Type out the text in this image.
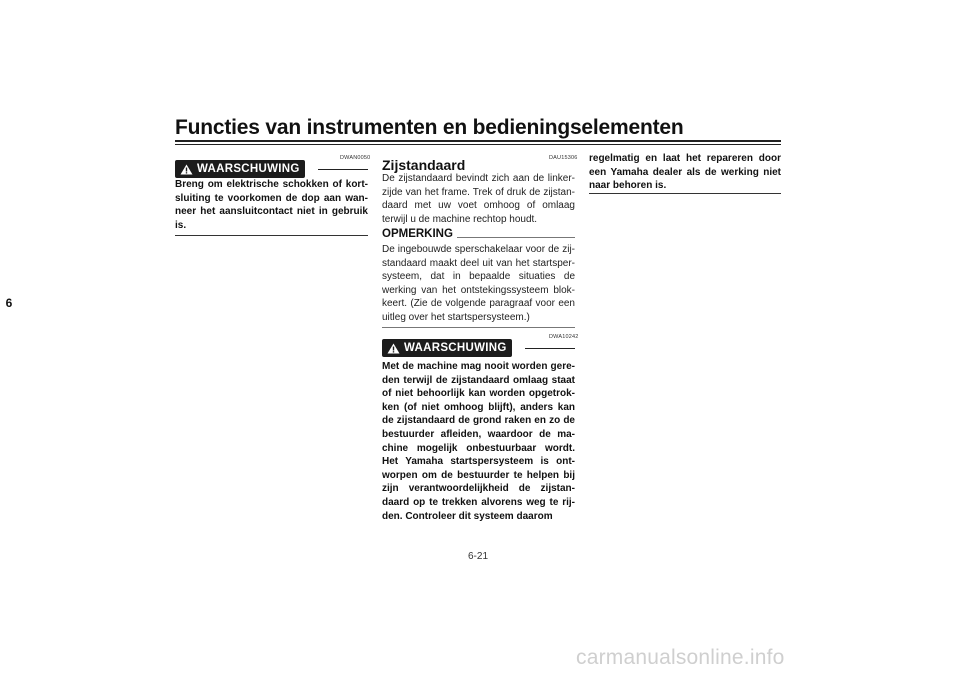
Functies van instrumenten en bedieningselementen
6
DWAN0050
WAARSCHUWING
Breng om elektrische schokken of kort-sluiting te voorkomen de dop aan wan-neer het aansluitcontact niet in gebruik is.
DAU15306
Zijstandaard
De zijstandaard bevindt zich aan de linker-zijde van het frame. Trek of druk de zijstan-daard met uw voet omhoog of omlaag terwijl u de machine rechtop houdt.
OPMERKING
De ingebouwde sperschakelaar voor de zij-standaard maakt deel uit van het startsper-systeem, dat in bepaalde situaties de werking van het ontstekingssysteem blok-keert. (Zie de volgende paragraaf voor een uitleg over het startspersysteem.)
DWA10242
WAARSCHUWING
Met de machine mag nooit worden gere-den terwijl de zijstandaard omlaag staat of niet behoorlijk kan worden opgetrok-ken (of niet omhoog blijft), anders kan de zijstandaard de grond raken en zo de bestuurder afleiden, waardoor de ma-chine mogelijk onbestuurbaar wordt. Het Yamaha startspersysteem is ont-worpen om de bestuurder te helpen bij zijn verantwoordelijkheid de zijstan-daard op te trekken alvorens weg te rij-den. Controleer dit systeem daarom
regelmatig en laat het repareren door een Yamaha dealer als de werking niet naar behoren is.
6-21
carmanualsonline.info
